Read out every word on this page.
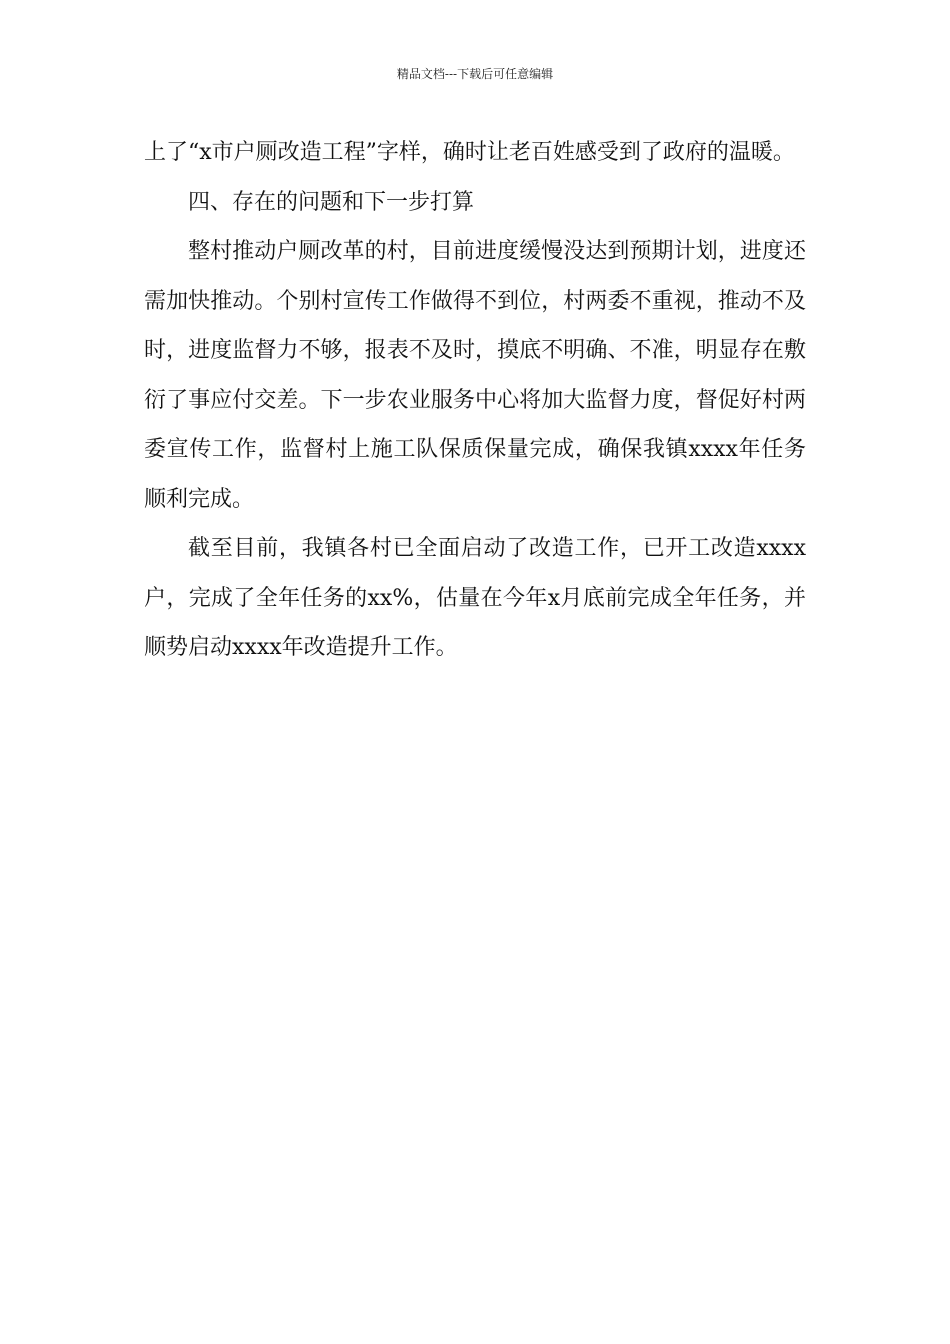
精品文档---下载后可任意编辑

上了“x市户厕改造工程”字样，确时让老百姓感受到了政府的温暖。

四、存在的问题和下一步打算

整村推动户厕改革的村，目前进度缓慢没达到预期计划，进度还需加快推动。个别村宣传工作做得不到位，村两委不重视，推动不及时，进度监督力不够，报表不及时，摸底不明确、不准，明显存在敷衍了事应付交差。下一步农业服务中心将加大监督力度，督促好村两委宣传工作，监督村上施工队保质保量完成，确保我镇xxxx年任务顺利完成。

截至目前，我镇各村已全面启动了改造工作，已开工改造xxxx户，完成了全年任务的xx%，估量在今年x月底前完成全年任务，并顺势启动xxxx年改造提升工作。
